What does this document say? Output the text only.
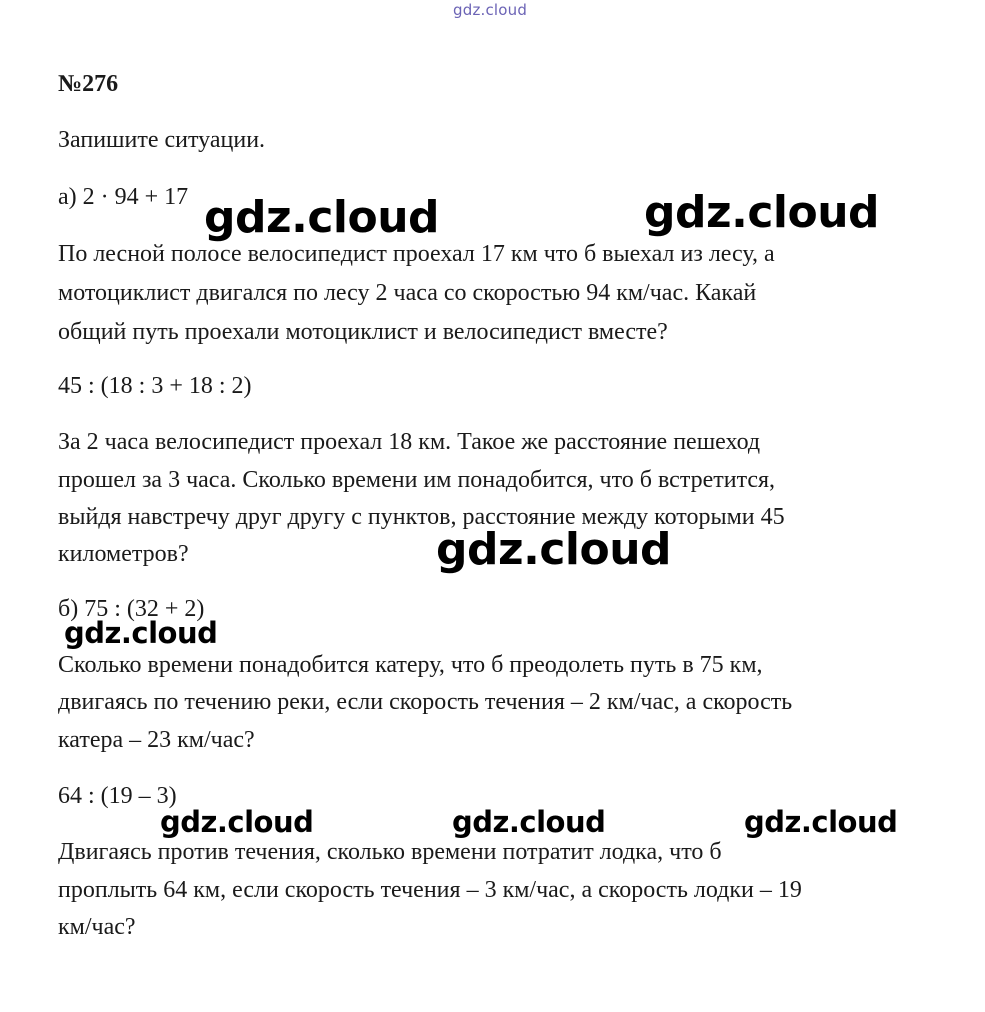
gdz.cloud
№276
Запишите ситуации.
а) 2 · 94 + 17
По лесной полосе велосипедист проехал 17 км что б выехал из лесу, а
мотоциклист двигался по лесу 2 часа со скоростью 94 км/час. Какай
общий путь проехали мотоциклист и велосипедист вместе?
45 : (18 : 3 + 18 : 2)
За 2 часа велосипедист проехал 18 км. Такое же расстояние пешеход
прошел за 3 часа. Сколько времени им понадобится, что б встретится,
выйдя навстречу друг другу с пунктов, расстояние между которыми 45
километров?
б) 75 : (32 + 2)
Сколько времени понадобится катеру, что б преодолеть путь в 75 км,
двигаясь по течению реки, если скорость течения – 2 км/час, а скорость
катера – 23 км/час?
64 : (19 – 3)
Двигаясь против течения, сколько времени потратит лодка, что б
проплыть 64 км, если скорость течения – 3 км/час, а скорость лодки – 19
км/час?
gdz.cloud	gdz.cloud
gdz.cloud
gdz.cloud
gdz.cloud	gdz.cloud	gdz.cloud
